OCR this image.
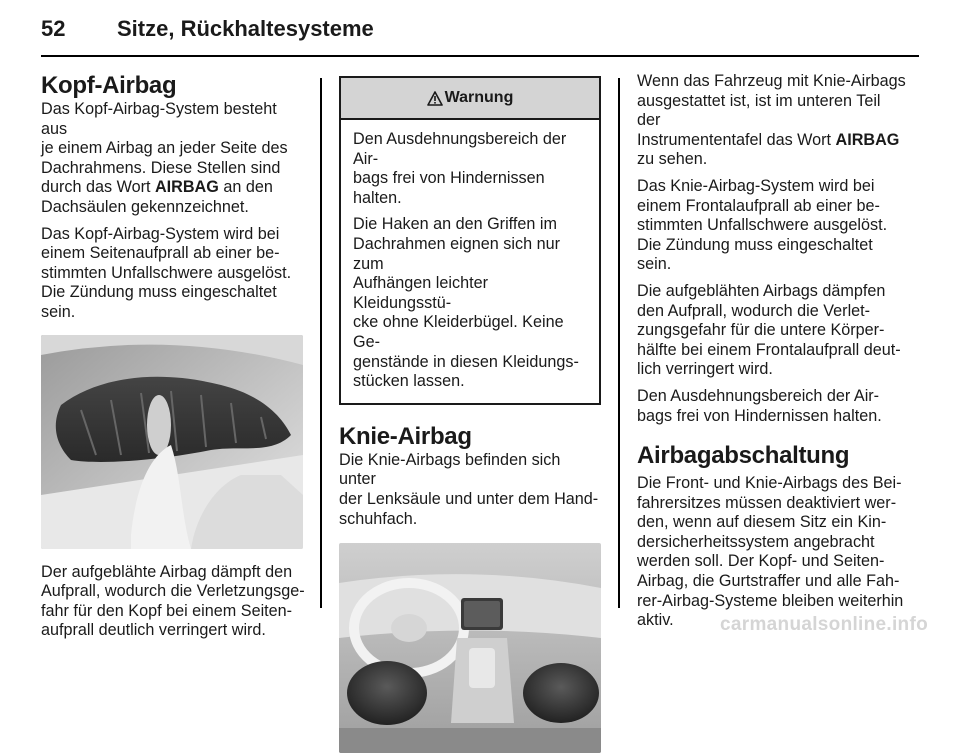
52 Sitze, Rückhaltesysteme
Kopf-Airbag

Das Kopf-Airbag-System besteht aus
je einem Airbag an jeder Seite des
Dachrahmens. Diese Stellen sind
durch das Wort AIRBAG an den
Dachsäulen gekennzeichnet.

Das Kopf-Airbag-System wird bei
einem Seitenaufprall ab einer be-
stimmten Unfallschwere ausgelöst.
Die Zündung muss eingeschaltet
sein.

Der aufgeblähte Airbag dämpft den
Aufprall, wodurch die Verletzungsge-
fahr für den Kopf bei einem Seiten-
aufprall deutlich verringert wird.

Warnung

Den Ausdehnungsbereich der Air-
bags frei von Hindernissen halten.

Die Haken an den Griffen im
Dachrahmen eignen sich nur zum
Aufhängen leichter Kleidungsstü-
cke ohne Kleiderbügel. Keine Ge-
genstände in diesen Kleidungs-
stücken lassen.

Knie-Airbag

Die Knie-Airbags befinden sich unter
der Lenksäule und unter dem Hand-
schuhfach.

Wenn das Fahrzeug mit Knie-Airbags
ausgestattet ist, ist im unteren Teil der
Instrumententafel das Wort AIRBAG
zu sehen.

Das Knie-Airbag-System wird bei
einem Frontalaufprall ab einer be-
stimmten Unfallschwere ausgelöst.
Die Zündung muss eingeschaltet
sein.

Die aufgeblähten Airbags dämpfen
den Aufprall, wodurch die Verlet-
zungsgefahr für die untere Körper-
hälfte bei einem Frontalaufprall deut-
lich verringert wird.

Den Ausdehnungsbereich der Air-
bags frei von Hindernissen halten.

Airbagabschaltung

Die Front- und Knie-Airbags des Bei-
fahrersitzes müssen deaktiviert wer-
den, wenn auf diesem Sitz ein Kin-
dersicherheitssystem angebracht
werden soll. Der Kopf- und Seiten-
Airbag, die Gurtstraffer und alle Fah-
rer-Airbag-Systeme bleiben weiterhin
aktiv.	carmanualsonline.info
